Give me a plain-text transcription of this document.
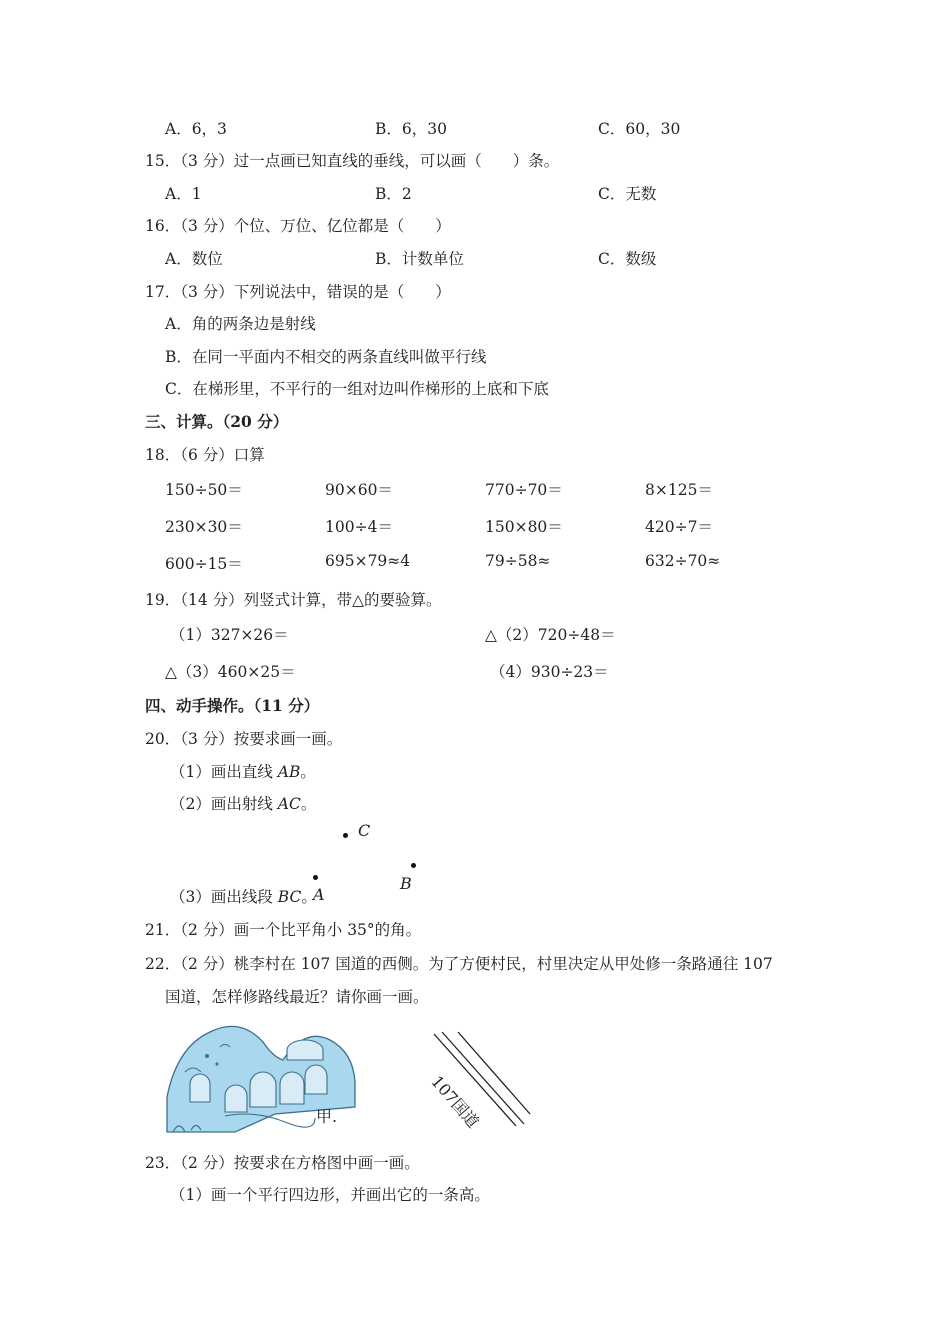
A．6，3	B．6，30	C．60，30
15．（3 分）过一点画已知直线的垂线，可以画（　　）条。
A．1	B．2	C．无数
16．（3 分）个位、万位、亿位都是（　　）
A．数位	B．计数单位	C．数级
17．（3 分）下列说法中，错误的是（　　）
A．角的两条边是射线
B．在同一平面内不相交的两条直线叫做平行线
C．在梯形里，不平行的一组对边叫作梯形的上底和下底
三、计算。（20 分）
18．（6 分）口算
150÷50＝	90×60＝	770÷70＝	8×125＝
230×30＝	100÷4＝	150×80＝	420÷7＝
600÷15＝	695×79≈4	79÷58≈	632÷70≈
19．（14 分）列竖式计算，带△的要验算。
（1）327×26＝	△（2）720÷48＝
△（3）460×25＝	（4）930÷23＝
四、动手操作。（11 分）
20．（3 分）按要求画一画。
（1）画出直线 AB。
（2）画出射线 AC。
（3）画出线段 BC。
C
B
A
21．（2 分）画一个比平角小 35°的角。
22．（2 分）桃李村在 107 国道的西侧。为了方便村民，村里决定从甲处修一条路通往 107
国道，怎样修路线最近？请你画一画。
甲.	107国道
23．（2 分）按要求在方格图中画一画。
（1）画一个平行四边形，并画出它的一条高。
